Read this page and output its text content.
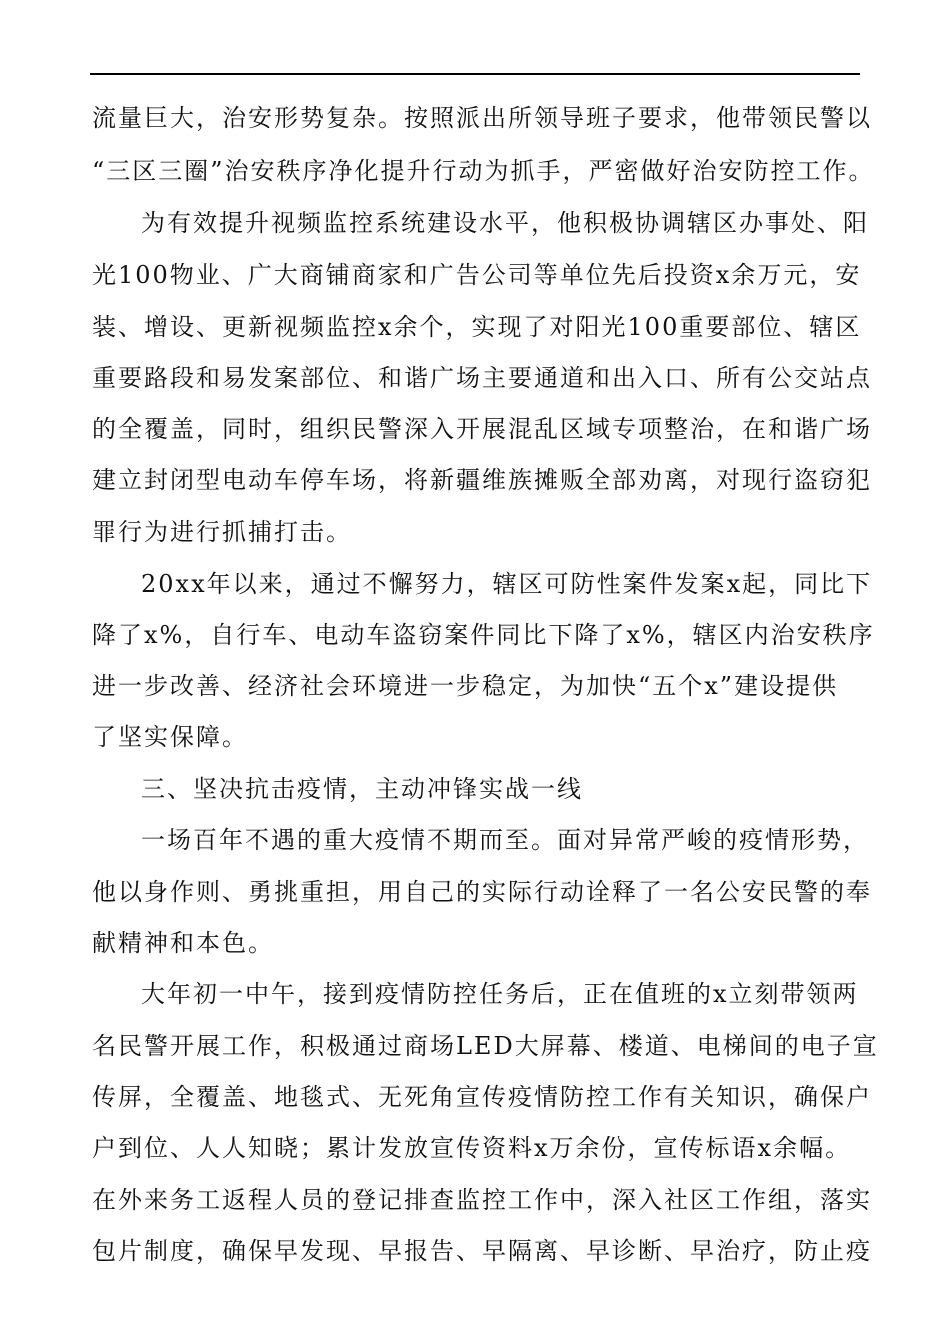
流量巨大，治安形势复杂。按照派出所领导班子要求，他带领民警以
“三区三圈”治安秩序净化提升行动为抓手，严密做好治安防控工作。
为有效提升视频监控系统建设水平，他积极协调辖区办事处、阳
光100物业、广大商铺商家和广告公司等单位先后投资x余万元，安
装、增设、更新视频监控x余个，实现了对阳光100重要部位、辖区
重要路段和易发案部位、和谐广场主要通道和出入口、所有公交站点
的全覆盖，同时，组织民警深入开展混乱区域专项整治，在和谐广场
建立封闭型电动车停车场，将新疆维族摊贩全部劝离，对现行盗窃犯
罪行为进行抓捕打击。
20xx年以来，通过不懈努力，辖区可防性案件发案x起，同比下
降了x%，自行车、电动车盗窃案件同比下降了x%，辖区内治安秩序
进一步改善、经济社会环境进一步稳定，为加快“五个x”建设提供
了坚实保障。
三、坚决抗击疫情，主动冲锋实战一线
一场百年不遇的重大疫情不期而至。面对异常严峻的疫情形势，
他以身作则、勇挑重担，用自己的实际行动诠释了一名公安民警的奉
献精神和本色。
大年初一中午，接到疫情防控任务后，正在值班的x立刻带领两
名民警开展工作，积极通过商场LED大屏幕、楼道、电梯间的电子宣
传屏，全覆盖、地毯式、无死角宣传疫情防控工作有关知识，确保户
户到位、人人知晓；累计发放宣传资料x万余份，宣传标语x余幅。
在外来务工返程人员的登记排查监控工作中，深入社区工作组，落实
包片制度，确保早发现、早报告、早隔离、早诊断、早治疗，防止疫
